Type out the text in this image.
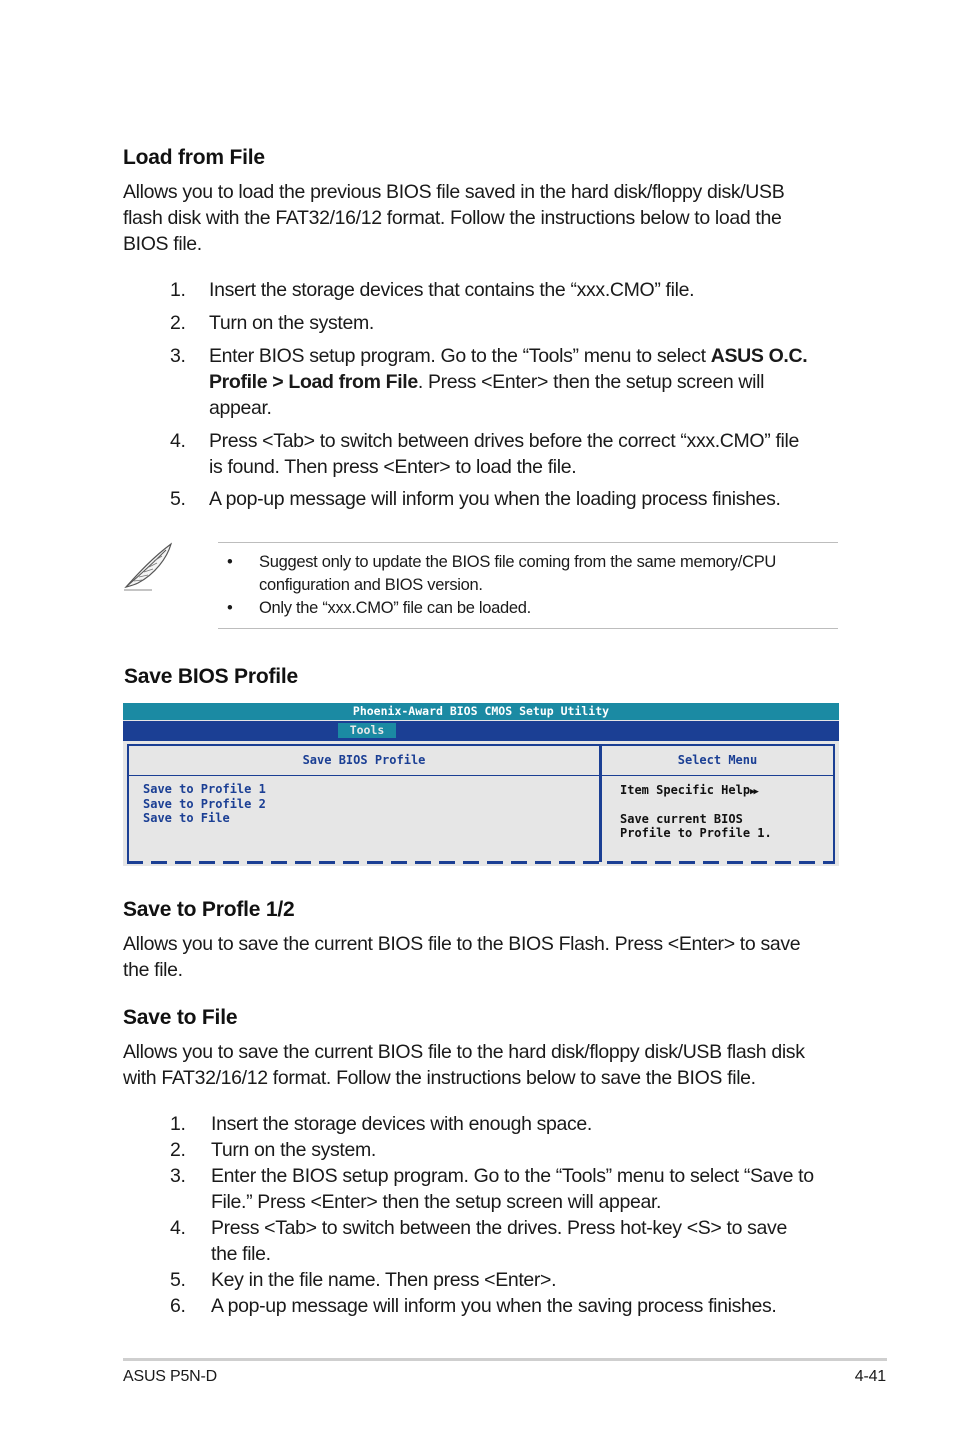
Load from File
Allows you to load the previous BIOS file saved in the hard disk/floppy disk/USB
flash disk with the FAT32/16/12 format. Follow the instructions below to load the
BIOS file.
1.	Insert the storage devices that contains the “xxx.CMO” file.
2.	Turn on the system.
3.	Enter BIOS setup program. Go to the “Tools” menu to select ASUS O.C.
Profile > Load from File. Press <Enter> then the setup screen will
appear.
4.	Press <Tab> to switch between drives before the correct “xxx.CMO” file
is found. Then press <Enter> to load the file.
5.	A pop-up message will inform you when the loading process finishes.
• Suggest only to update the BIOS file coming from the same memory/CPU
configuration and BIOS version.
• Only the “xxx.CMO” file can be loaded.
Save BIOS Profile
Phoenix-Award BIOS CMOS Setup Utility
Tools
Save BIOS Profile
Save to Profile 1
Save to Profile 2
Save to File
Select Menu
Item Specific Help▶▶
Save current BIOS
Profile to Profile 1.
Save to Profle 1/2
Allows you to save the current BIOS file to the BIOS Flash. Press <Enter> to save
the file.
Save to File
Allows you to save the current BIOS file to the hard disk/floppy disk/USB flash disk
with FAT32/16/12 format. Follow the instructions below to save the BIOS file.
1.	Insert the storage devices with enough space.
2.	Turn on the system.
3.	Enter the BIOS setup program. Go to the “Tools” menu to select “Save to
File.” Press <Enter> then the setup screen will appear.
4.	Press <Tab> to switch between the drives. Press hot-key <S> to save
the file.
5.	Key in the file name. Then press <Enter>.
6.	A pop-up message will inform you when the saving process finishes.
ASUS P5N-D	4-41
